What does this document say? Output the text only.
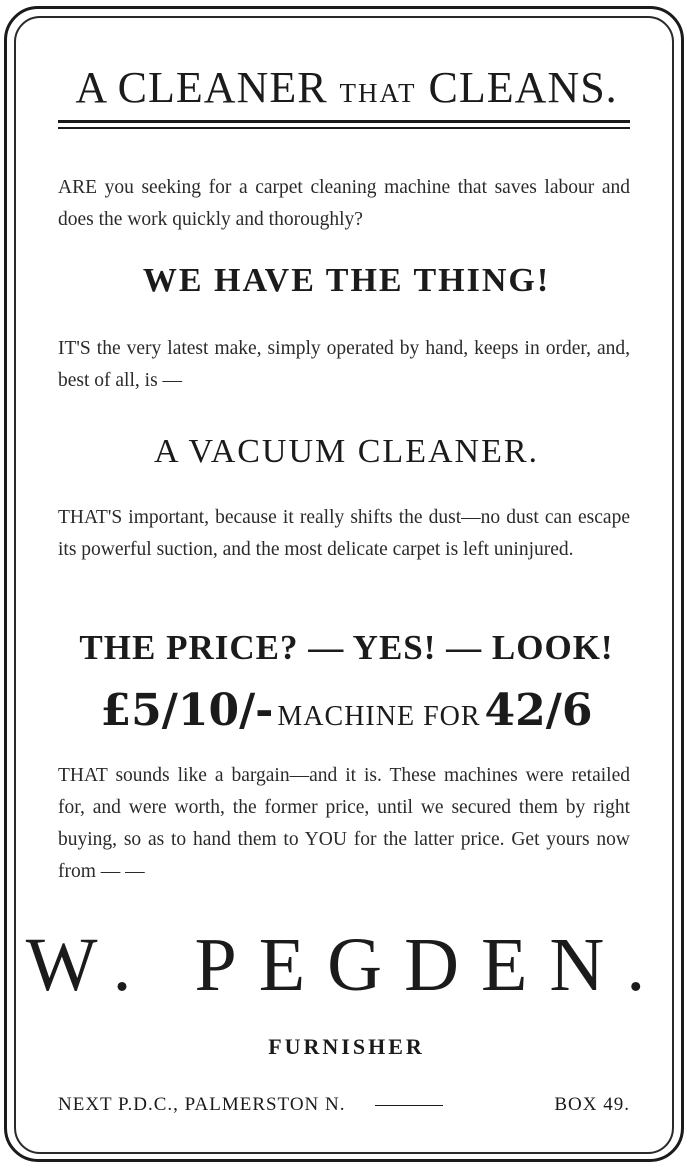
A CLEANER THAT CLEANS.
ARE you seeking for a carpet cleaning machine that saves labour and does the work quickly and thoroughly?
WE HAVE THE THING!
IT'S the very latest make, simply operated by hand, keeps in order, and, best of all, is —
A VACUUM CLEANER.
THAT'S important, because it really shifts the dust—no dust can escape its powerful suction, and the most delicate carpet is left uninjured.
THE PRICE? — YES! — LOOK!
£5/10/- MACHINE FOR 42/6
THAT sounds like a bargain—and it is. These machines were retailed for, and were worth, the former price, until we secured them by right buying, so as to hand them to YOU for the latter price. Get yours now from — —
W. PEGDEN.
FURNISHER
NEXT P.D.C., PALMERSTON N.	BOX 49.
